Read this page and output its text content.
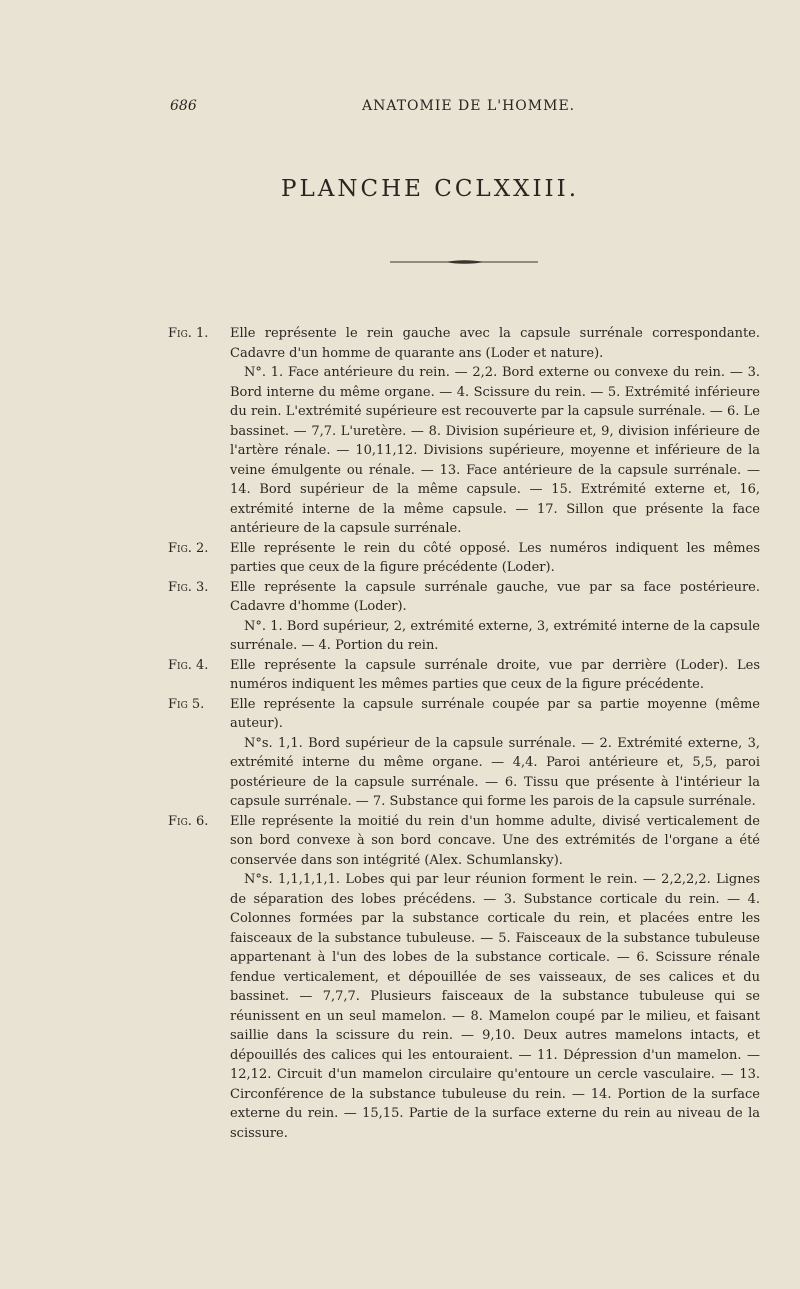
686	ANATOMIE DE L'HOMME.
PLANCHE CCLXXIII.
Fig. 1.	Elle représente le rein gauche avec la capsule surrénale correspondante. Cadavre d'un homme de quarante ans (Loder et nature).
N°. 1. Face antérieure du rein. — 2,2. Bord externe ou convexe du rein. — 3. Bord interne du même organe. — 4. Scissure du rein. — 5. Extrémité inférieure du rein. L'extrémité supérieure est recouverte par la capsule surrénale. — 6. Le bassinet. — 7,7. L'uretère. — 8. Division supérieure et, 9, division inférieure de l'artère rénale. — 10,11,12. Divisions supérieure, moyenne et inférieure de la veine émulgente ou rénale. — 13. Face antérieure de la capsule surrénale. — 14. Bord supérieur de la même capsule. — 15. Extrémité externe et, 16, extrémité interne de la même capsule. — 17. Sillon que présente la face antérieure de la capsule surrénale.
Fig. 2.	Elle représente le rein du côté opposé. Les numéros indiquent les mêmes parties que ceux de la figure précédente (Loder).
Fig. 3.	Elle représente la capsule surrénale gauche, vue par sa face postérieure. Cadavre d'homme (Loder).
N°. 1. Bord supérieur, 2, extrémité externe, 3, extrémité interne de la capsule surrénale. — 4. Portion du rein.
Fig. 4.	Elle représente la capsule surrénale droite, vue par derrière (Loder). Les numéros indiquent les mêmes parties que ceux de la figure précédente.
Fig 5.	Elle représente la capsule surrénale coupée par sa partie moyenne (même auteur).
N°s. 1,1. Bord supérieur de la capsule surrénale. — 2. Extrémité externe, 3, extrémité interne du même organe. — 4,4. Paroi antérieure et, 5,5, paroi postérieure de la capsule surrénale. — 6. Tissu que présente à l'intérieur la capsule surrénale. — 7. Substance qui forme les parois de la capsule surrénale.
Fig. 6.	Elle représente la moitié du rein d'un homme adulte, divisé verticalement de son bord convexe à son bord concave. Une des extrémités de l'organe a été conservée dans son intégrité (Alex. Schumlansky).
N°s. 1,1,1,1,1. Lobes qui par leur réunion forment le rein. — 2,2,2,2. Lignes de séparation des lobes précédens. — 3. Substance corticale du rein. — 4. Colonnes formées par la substance corticale du rein, et placées entre les faisceaux de la substance tubuleuse. — 5. Faisceaux de la substance tubuleuse appartenant à l'un des lobes de la substance corticale. — 6. Scissure rénale fendue verticalement, et dépouillée de ses vaisseaux, de ses calices et du bassinet. — 7,7,7. Plusieurs faisceaux de la substance tubuleuse qui se réunissent en un seul mamelon. — 8. Mamelon coupé par le milieu, et faisant saillie dans la scissure du rein. — 9,10. Deux autres mamelons intacts, et dépouillés des calices qui les entouraient. — 11. Dépression d'un mamelon. — 12,12. Circuit d'un mamelon circulaire qu'entoure un cercle vasculaire. — 13. Circonférence de la substance tubuleuse du rein. — 14. Portion de la surface externe du rein. — 15,15. Partie de la surface externe du rein au niveau de la scissure.
